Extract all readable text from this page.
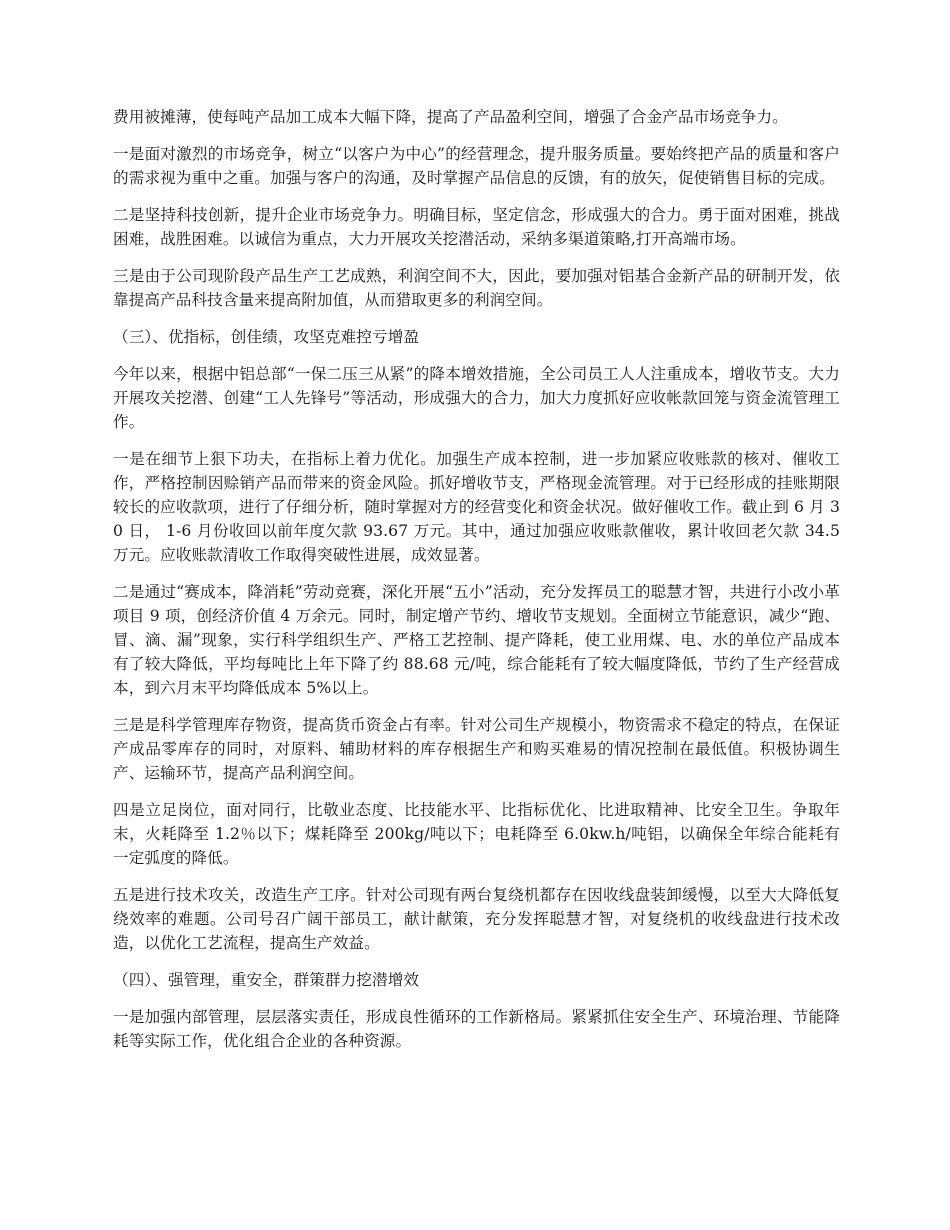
费用被摊薄，使每吨产品加工成本大幅下降，提高了产品盈利空间，增强了合金产品市场竞争力。

一是面对激烈的市场竞争，树立“以客户为中心”的经营理念，提升服务质量。要始终把产品的质量和客户的需求视为重中之重。加强与客户的沟通，及时掌握产品信息的反馈，有的放矢，促使销售目标的完成。

二是坚持科技创新，提升企业市场竞争力。明确目标，坚定信念，形成强大的合力。勇于面对困难，挑战困难，战胜困难。以诚信为重点，大力开展攻关挖潜活动，采纳多渠道策略,打开高端市场。

三是由于公司现阶段产品生产工艺成熟，利润空间不大，因此，要加强对铝基合金新产品的研制开发，依靠提高产品科技含量来提高附加值，从而猎取更多的利润空间。

（三）、优指标，创佳绩，攻坚克难控亏增盈

今年以来，根据中铝总部“一保二压三从紧”的降本增效措施，全公司员工人人注重成本，增收节支。大力开展攻关挖潜、创建“工人先锋号”等活动，形成强大的合力，加大力度抓好应收帐款回笼与资金流管理工作。

一是在细节上狠下功夫，在指标上着力优化。加强生产成本控制，进一步加紧应收账款的核对、催收工作，严格控制因赊销产品而带来的资金风险。抓好增收节支，严格现金流管理。对于已经形成的挂账期限较长的应收款项，进行了仔细分析，随时掌握对方的经营变化和资金状况。做好催收工作。截止到 6 月 30 日， 1-6 月份收回以前年度欠款 93.67 万元。其中，通过加强应收账款催收，累计收回老欠款 34.5 万元。应收账款清收工作取得突破性进展，成效显著。

二是通过“赛成本，降消耗”劳动竞赛，深化开展“五小”活动，充分发挥员工的聪慧才智，共进行小改小革项目 9 项，创经济价值 4 万余元。同时，制定增产节约、增收节支规划。全面树立节能意识，减少“跑、冒、滴、漏”现象，实行科学组织生产、严格工艺控制、提产降耗，使工业用煤、电、水的单位产品成本有了较大降低，平均每吨比上年下降了约 88.68 元/吨，综合能耗有了较大幅度降低，节约了生产经营成本，到六月末平均降低成本 5%以上。

三是是科学管理库存物资，提高货币资金占有率。针对公司生产规模小，物资需求不稳定的特点，在保证产成品零库存的同时，对原料、辅助材料的库存根据生产和购买难易的情况控制在最低值。积极协调生产、运输环节，提高产品利润空间。

四是立足岗位，面对同行，比敬业态度、比技能水平、比指标优化、比进取精神、比安全卫生。争取年末，火耗降至 1.2％以下；煤耗降至 200kg/吨以下；电耗降至 6.0kw.h/吨铝，以确保全年综合能耗有一定弧度的降低。

五是进行技术攻关，改造生产工序。针对公司现有两台复绕机都存在因收线盘装卸缓慢，以至大大降低复绕效率的难题。公司号召广阔干部员工，献计献策，充分发挥聪慧才智，对复绕机的收线盘进行技术改造，以优化工艺流程，提高生产效益。

（四）、强管理，重安全，群策群力挖潜增效

一是加强内部管理，层层落实责任，形成良性循环的工作新格局。紧紧抓住安全生产、环境治理、节能降耗等实际工作，优化组合企业的各种资源。
